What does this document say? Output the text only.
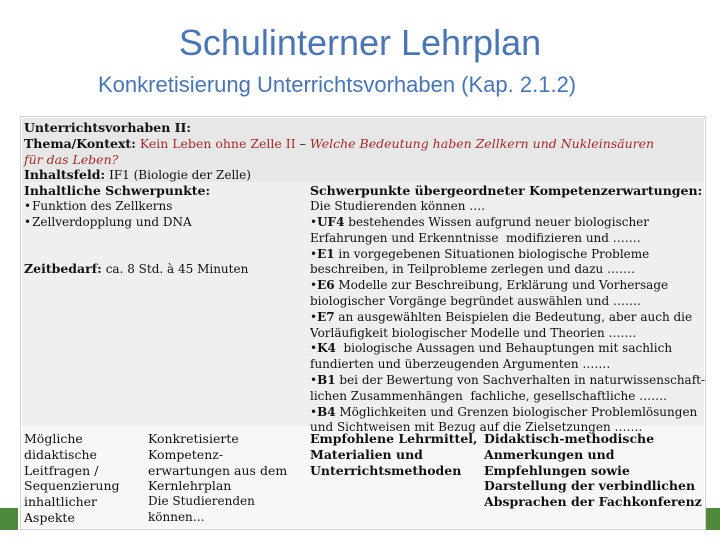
Schulinterner Lehrplan
Konkretisierung Unterrichtsvorhaben (Kap. 2.1.2)
Unterrichtsvorhaben II:
Thema/Kontext: Kein Leben ohne Zelle II – Welche Bedeutung haben Zellkern und Nukleinsäuren
für das Leben?
Inhaltsfeld: IF1 (Biologie der Zelle)
Inhaltliche Schwerpunkte:
•Funktion des Zellkerns
•Zellverdopplung und DNA
Zeitbedarf: ca. 8 Std. à 45 Minuten
Schwerpunkte übergeordneter Kompetenzerwartungen:
Die Studierenden können ….
•UF4 bestehendes Wissen aufgrund neuer biologischer
Erfahrungen und Erkenntnisse  modifizieren und …….
•E1 in vorgegebenen Situationen biologische Probleme
beschreiben, in Teilprobleme zerlegen und dazu …….
•E6 Modelle zur Beschreibung, Erklärung und Vorhersage
biologischer Vorgänge begründet auswählen und …….
•E7 an ausgewählten Beispielen die Bedeutung, aber auch die
Vorläufigkeit biologischer Modelle und Theorien …….
•K4  biologische Aussagen und Behauptungen mit sachlich
fundierten und überzeugenden Argumenten …….
•B1 bei der Bewertung von Sachverhalten in naturwissenschaft-
lichen Zusammenhängen  fachliche, gesellschaftliche …….
•B4 Möglichkeiten und Grenzen biologischer Problemlösungen
und Sichtweisen mit Bezug auf die Zielsetzungen …….
Mögliche
didaktische
Leitfragen /
Sequenzierung
inhaltlicher
Aspekte
Konkretisierte
Kompetenz-
erwartungen aus dem
Kernlehrplan
Die Studierenden
können…
Empfohlene Lehrmittel,
Materialien und
Unterrichtsmethoden
Didaktisch-methodische
Anmerkungen und
Empfehlungen sowie
Darstellung der verbindlichen
Absprachen der Fachkonferenz
